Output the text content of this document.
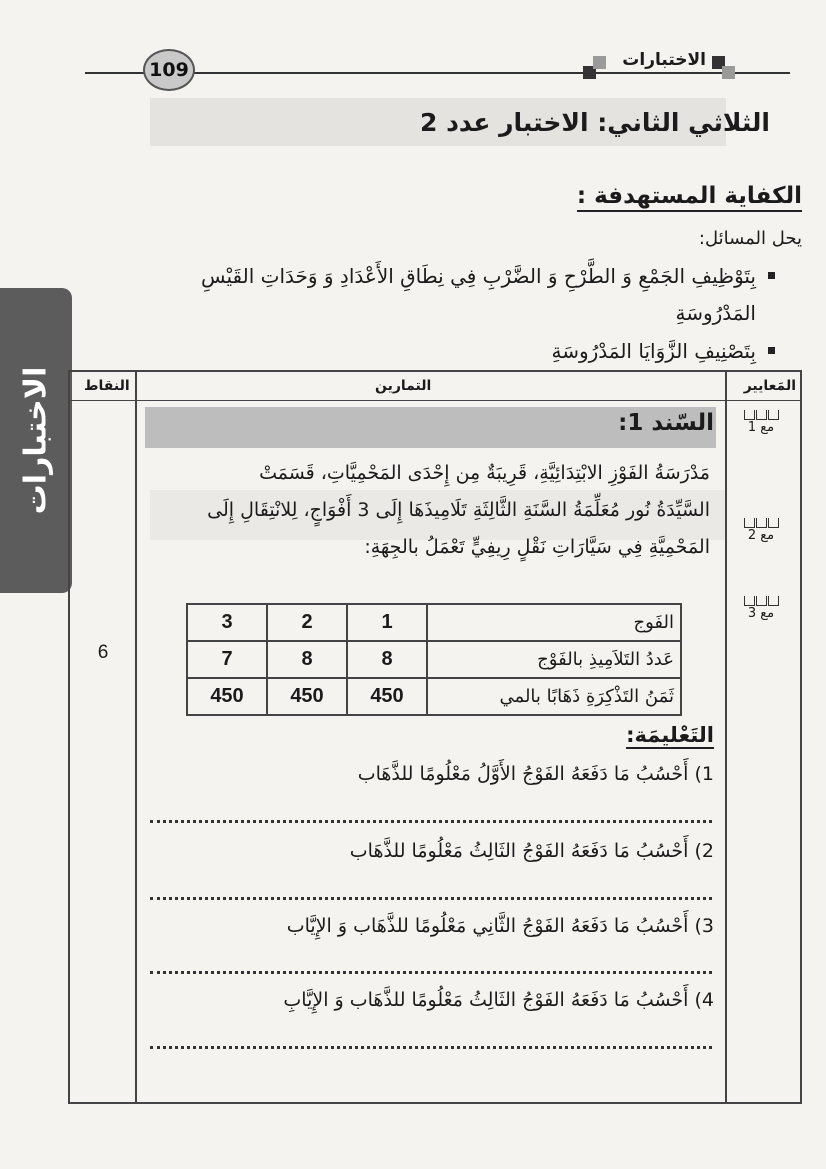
109	الاختبارات
الاختبارات
الثلاثي الثاني: الاختبار عدد 2
الكفاية المستهدفة :
يحل المسائل:
بِتَوْظِيفِ الجَمْعِ وَ الطَّرْحِ وَ الضَّرْبِ فِي نِطَاقِ الأَعْدَادِ وَ وَحَدَاتِ القَيْسِ
المَدْرُوسَةِ
بِتَصْنِيفِ الزَّوَايَا المَدْرُوسَةِ
المَعايير
التمارين
النقاط
السّند 1:
مَدْرَسَةُ الفَوْزِ الابْتِدَائِيَّةِ، قَرِيبَةٌ مِن إِحْدَى المَحْمِيَّاتِ، قَسَمَتْ
السَّيِّدَةُ نُور مُعَلِّمَةُ السَّنَةِ الثَّالِثَةِ تَلَامِيذَهَا إِلَى 3 أَفْوَاجٍ، لِلانْتِقَالِ إِلَى
المَحْمِيَّةِ فِي سَيَّارَاتِ نَقْلٍ رِيفِيٍّ تَعْمَلُ بالجِهَةِ:
3	2	1	الفَوج
7	8	8	عَددُ التَلاَمِيذِ بالفَوْج
450	450	450	ثَمَنُ التَذْكِرَةِ ذَهَابًا بالمي
التَعْليمَة:
1) أَحْسُبُ مَا دَفَعَهُ الفَوْجُ الأَوَّلُ مَعْلُومًا للذَّهَاب
2) أَحْسُبُ مَا دَفَعَهُ الفَوْجُ الثَالِثُ مَعْلُومًا للذَّهَاب
3) أَحْسُبُ مَا دَفَعَهُ الفَوْجُ الثَّانِي مَعْلُومًا للذَّهَاب وَ الإِيَّاب
4) أَحْسُبُ مَا دَفَعَهُ الفَوْجُ الثَالِثُ مَعْلُومًا للذَّهَاب وَ الإِيَّابِ
مع 1
مع 2
مع 3
6
